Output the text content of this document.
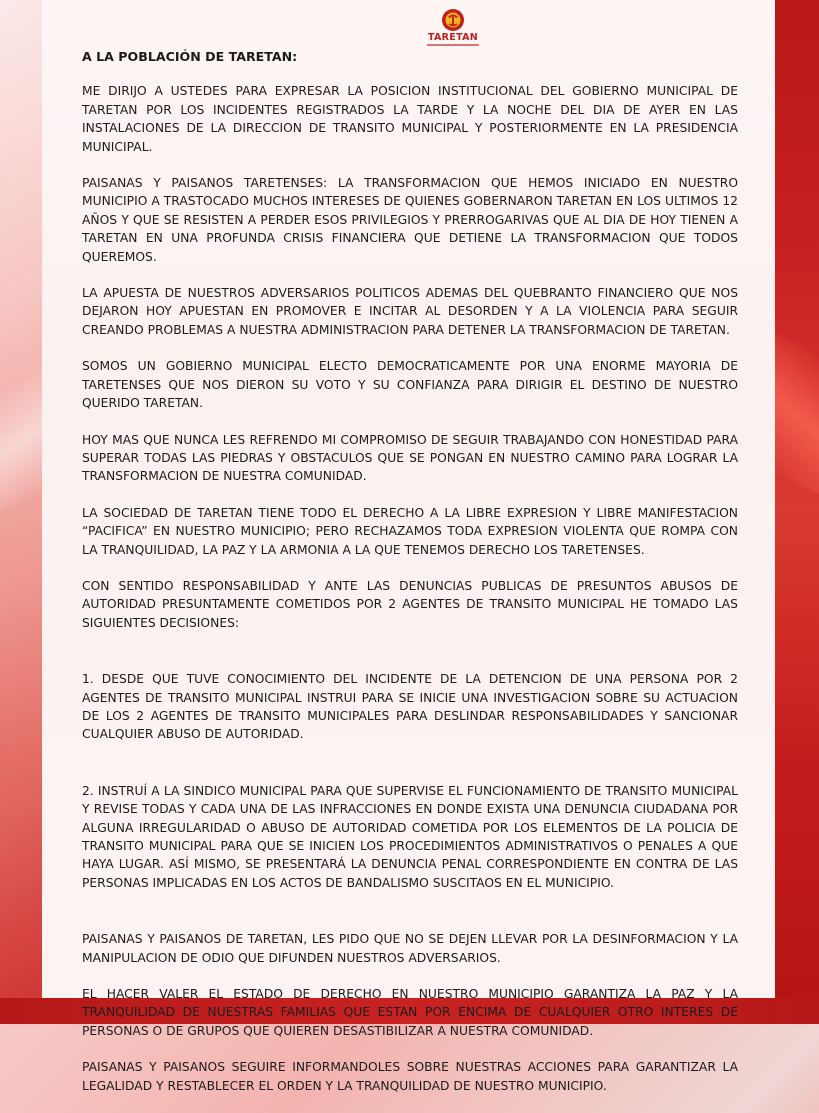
TARETAN

A LA POBLACIÓN DE TARETAN:

ME DIRIJO A USTEDES PARA EXPRESAR LA POSICION INSTITUCIONAL DEL GOBIERNO MUNICIPAL DE TARETAN POR LOS INCIDENTES REGISTRADOS LA TARDE Y LA NOCHE DEL DIA DE AYER EN LAS INSTALACIONES DE LA DIRECCION DE TRANSITO MUNICIPAL Y POSTERIORMENTE EN LA PRESIDENCIA MUNICIPAL.

PAISANAS Y PAISANOS TARETENSES: LA TRANSFORMACION QUE HEMOS INICIADO EN NUESTRO MUNICIPIO A TRASTOCADO MUCHOS INTERESES DE QUIENES GOBERNARON TARETAN EN LOS ULTIMOS 12 AÑOS Y QUE SE RESISTEN A PERDER ESOS PRIVILEGIOS Y PRERROGARIVAS QUE AL DIA DE HOY TIENEN A TARETAN EN UNA PROFUNDA CRISIS FINANCIERA QUE DETIENE LA TRANSFORMACION QUE TODOS QUEREMOS.

LA APUESTA DE NUESTROS ADVERSARIOS POLITICOS ADEMAS DEL QUEBRANTO FINANCIERO QUE NOS DEJARON HOY APUESTAN EN PROMOVER E INCITAR AL DESORDEN Y A LA VIOLENCIA PARA SEGUIR CREANDO PROBLEMAS A NUESTRA ADMINISTRACION PARA DETENER LA TRANSFORMACION DE TARETAN.

SOMOS UN GOBIERNO MUNICIPAL ELECTO DEMOCRATICAMENTE POR UNA ENORME MAYORIA DE TARETENSES QUE NOS DIERON SU VOTO Y SU CONFIANZA PARA DIRIGIR EL DESTINO DE NUESTRO QUERIDO TARETAN.

HOY MAS QUE NUNCA LES REFRENDO MI COMPROMISO DE SEGUIR TRABAJANDO CON HONESTIDAD PARA SUPERAR TODAS LAS PIEDRAS Y OBSTACULOS QUE SE PONGAN EN NUESTRO CAMINO PARA LOGRAR LA TRANSFORMACION DE NUESTRA COMUNIDAD.

LA SOCIEDAD DE TARETAN TIENE TODO EL DERECHO A LA LIBRE EXPRESION Y LIBRE MANIFESTACION “PACIFICA” EN NUESTRO MUNICIPIO; PERO RECHAZAMOS TODA EXPRESION VIOLENTA QUE ROMPA CON LA TRANQUILIDAD, LA PAZ Y LA ARMONIA A LA QUE TENEMOS DERECHO LOS TARETENSES.

CON SENTIDO RESPONSABILIDAD Y ANTE LAS DENUNCIAS PUBLICAS DE PRESUNTOS ABUSOS DE AUTORIDAD PRESUNTAMENTE COMETIDOS POR 2 AGENTES DE TRANSITO MUNICIPAL HE TOMADO LAS SIGUIENTES DECISIONES:

1. DESDE QUE TUVE CONOCIMIENTO DEL INCIDENTE DE LA DETENCION DE UNA PERSONA POR 2 AGENTES DE TRANSITO MUNICIPAL INSTRUI PARA SE INICIE UNA INVESTIGACION SOBRE SU ACTUACION DE LOS 2 AGENTES DE TRANSITO MUNICIPALES PARA DESLINDAR RESPONSABILIDADES Y SANCIONAR CUALQUIER ABUSO DE AUTORIDAD.

2. INSTRUÍ A LA SINDICO MUNICIPAL PARA QUE SUPERVISE EL FUNCIONAMIENTO DE TRANSITO MUNICIPAL Y REVISE TODAS Y CADA UNA DE LAS INFRACCIONES EN DONDE EXISTA UNA DENUNCIA CIUDADANA POR ALGUNA IRREGULARIDAD O ABUSO DE AUTORIDAD COMETIDA POR LOS ELEMENTOS DE LA POLICIA DE TRANSITO MUNICIPAL PARA QUE SE INICIEN LOS PROCEDIMIENTOS ADMINISTRATIVOS O PENALES A QUE HAYA LUGAR. ASÍ MISMO, SE PRESENTARÁ LA DENUNCIA PENAL CORRESPONDIENTE EN CONTRA DE LAS PERSONAS IMPLICADAS EN LOS ACTOS DE BANDALISMO SUSCITAOS EN EL MUNICIPIO.

PAISANAS Y PAISANOS DE TARETAN, LES PIDO QUE NO SE DEJEN LLEVAR POR LA DESINFORMACION Y LA MANIPULACION DE ODIO QUE DIFUNDEN NUESTROS ADVERSARIOS.

EL HACER VALER EL ESTADO DE DERECHO EN NUESTRO MUNICIPIO GARANTIZA LA PAZ Y LA TRANQUILIDAD DE NUESTRAS FAMILIAS QUE ESTAN POR ENCIMA DE CUALQUIER OTRO INTERES DE PERSONAS O DE GRUPOS QUE QUIEREN DESASTIBILIZAR A NUESTRA COMUNIDAD.

PAISANAS Y PAISANOS SEGUIRE INFORMANDOLES SOBRE NUESTRAS ACCIONES PARA GARANTIZAR LA LEGALIDAD Y RESTABLECER EL ORDEN Y LA TRANQUILIDAD DE NUESTRO MUNICIPIO.
